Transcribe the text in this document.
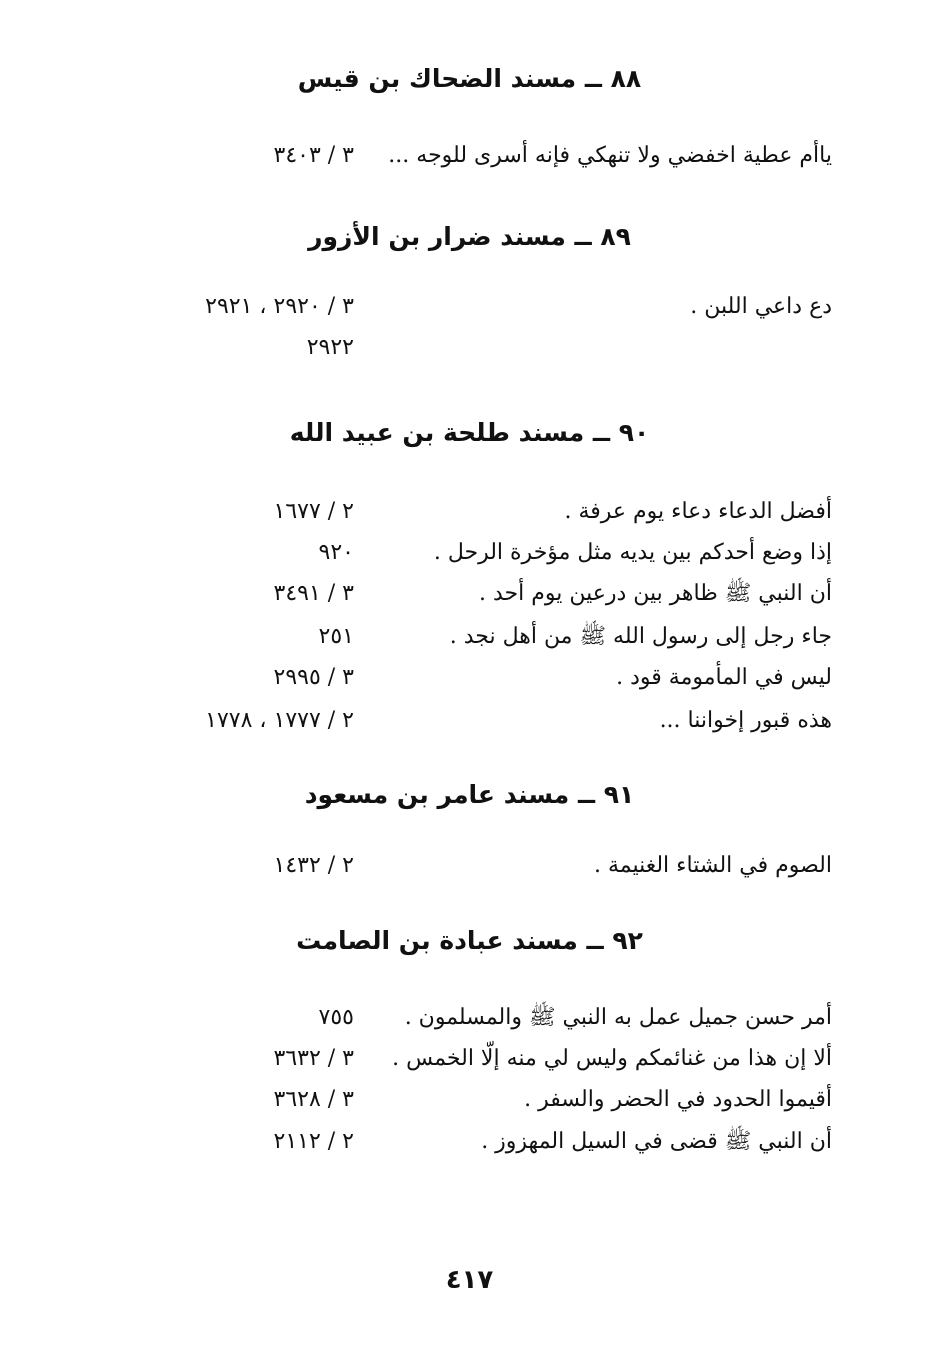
٨٨ ــ مسند الضحاك بن قيس
ياأم عطية اخفضي ولا تنهكي فإنه أسرى للوجه ...
٣ / ٣٤٠٣
٨٩ ــ مسند ضرار بن الأزور
دع داعي اللبن .
٣ / ٢٩٢٠ ، ٢٩٢١
٢٩٢٢
٩٠ ــ مسند طلحة بن عبيد الله
أفضل الدعاء دعاء يوم عرفة .
٢ / ١٦٧٧
إذا وضع أحدكم بين يديه مثل مؤخرة الرحل .
٩٢٠
أن النبي ﷺ ظاهر بين درعين يوم أحد .
٣ / ٣٤٩١
جاء رجل إلى رسول الله ﷺ من أهل نجد .
٢٥١
ليس في المأمومة قود .
٣ / ٢٩٩٥
هذه قبور إخواننا ...
٢ / ١٧٧٧ ، ١٧٧٨
٩١ ــ مسند عامر بن مسعود
الصوم في الشتاء الغنيمة .
٢ / ١٤٣٢
٩٢ ــ مسند عبادة بن الصامت
أمر حسن جميل عمل به النبي ﷺ والمسلمون .
٧٥٥
ألا إن هذا من غنائمكم وليس لي منه إلّا الخمس .
٣ / ٣٦٣٢
أقيموا الحدود في الحضر والسفر .
٣ / ٣٦٢٨
أن النبي ﷺ قضى في السيل المهزوز .
٢ / ٢١١٢
٤١٧
